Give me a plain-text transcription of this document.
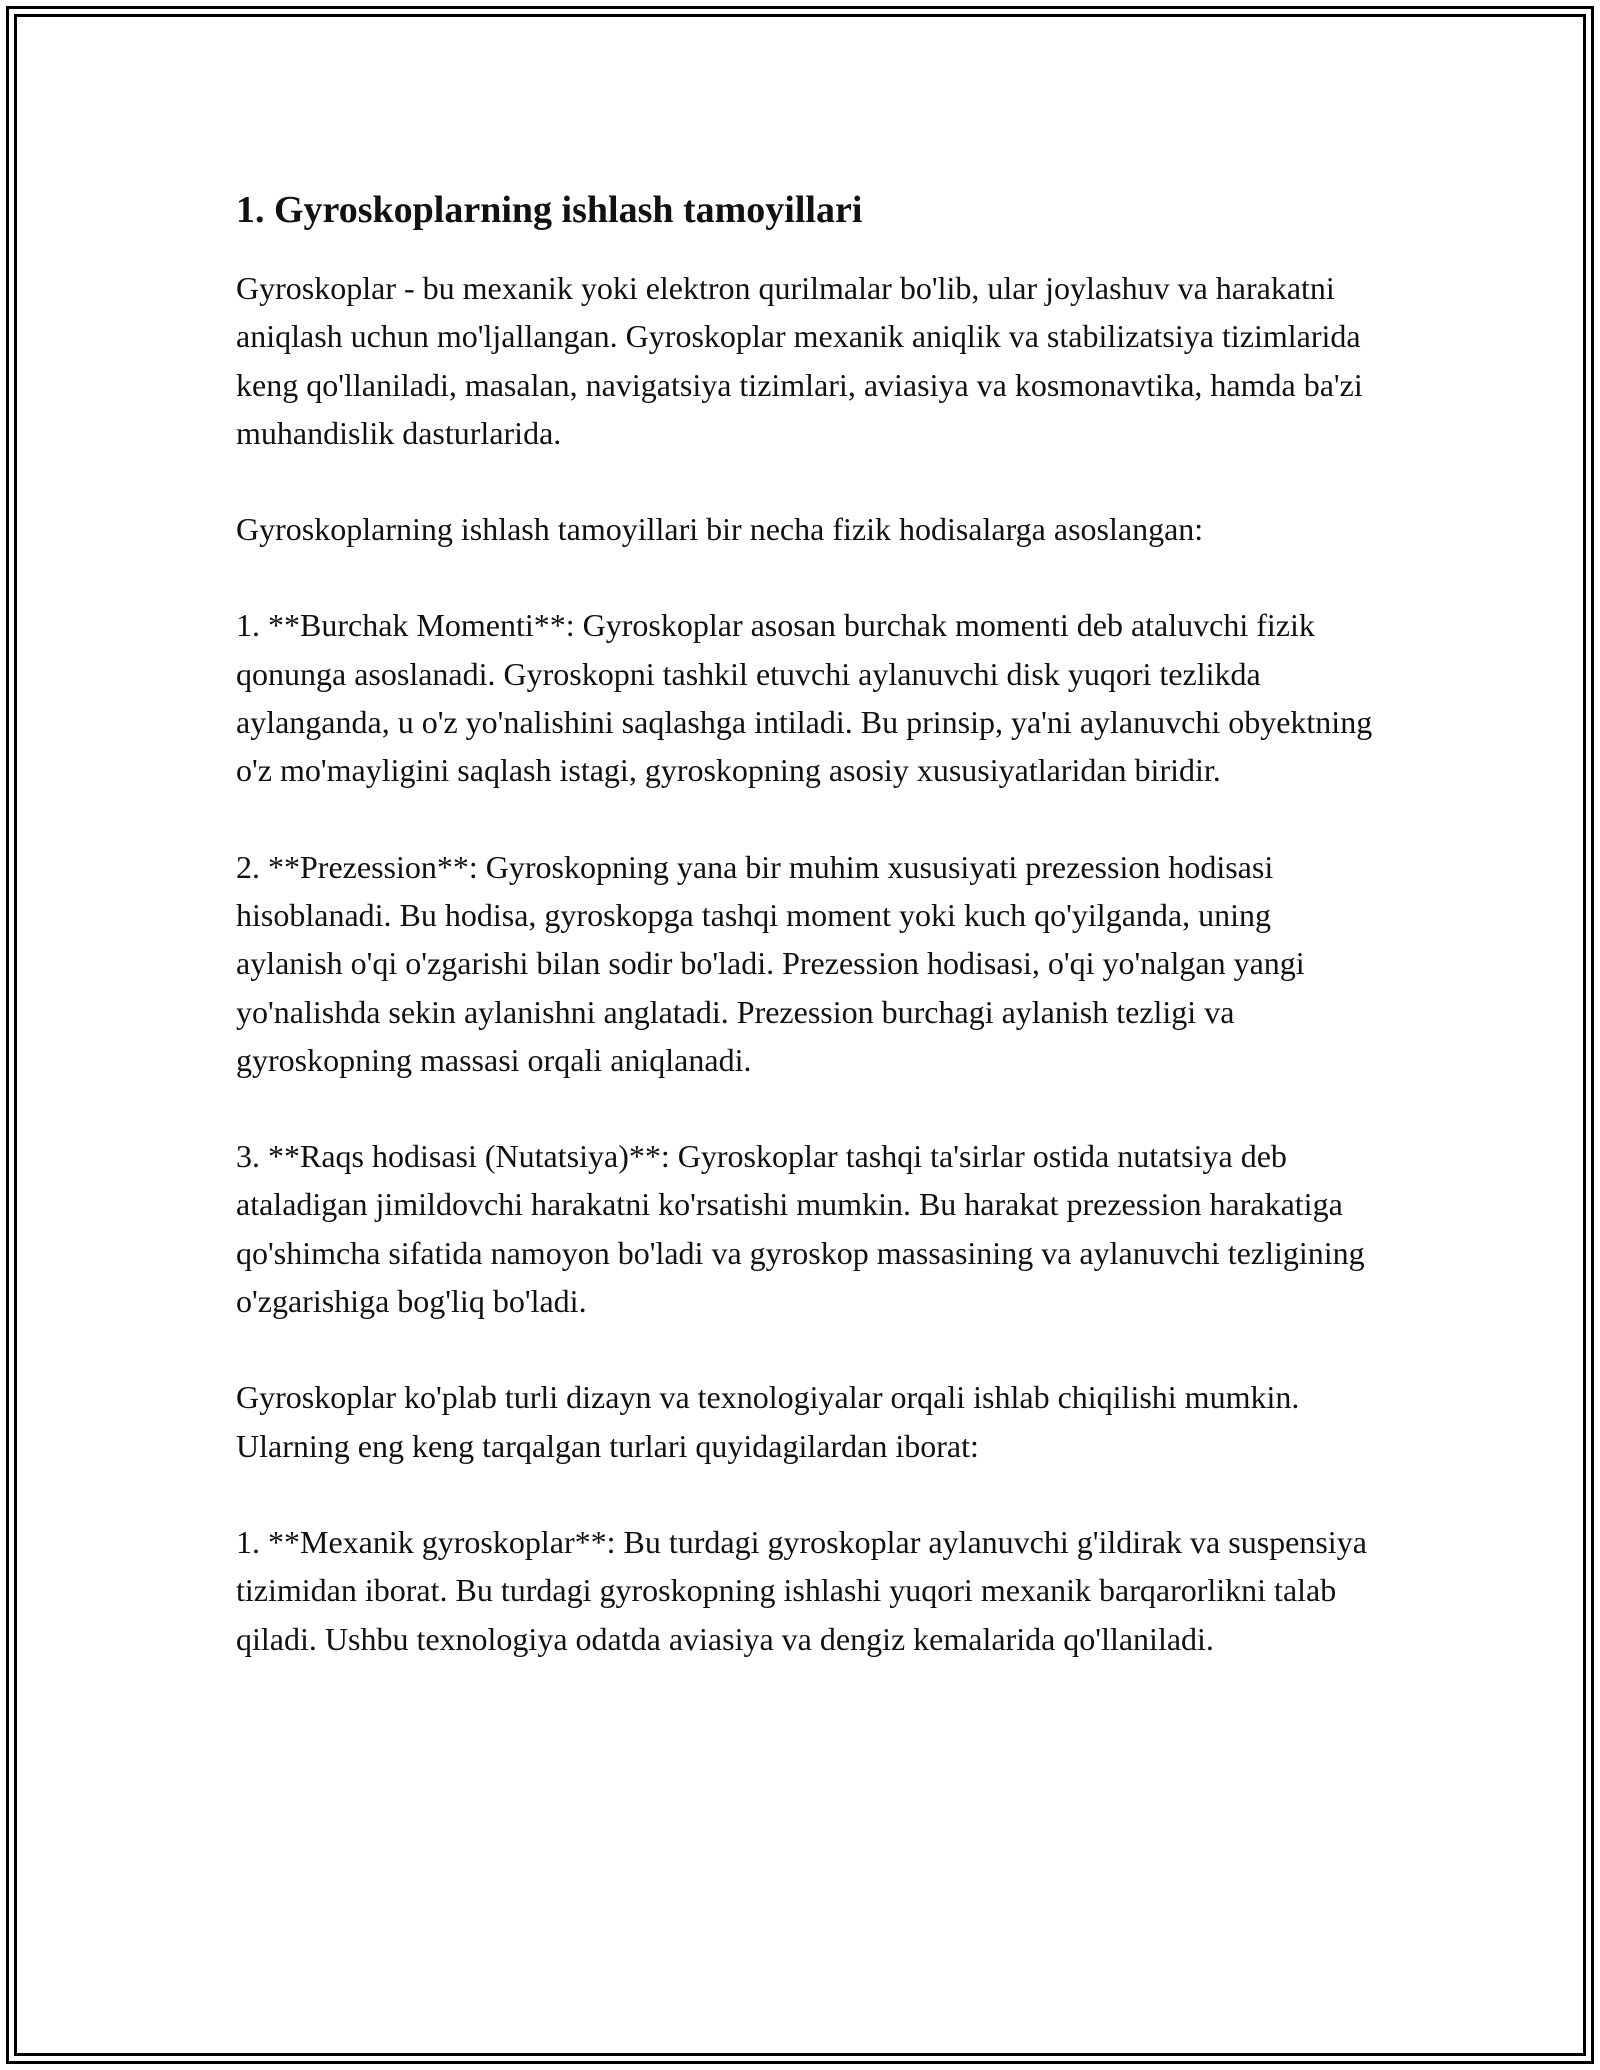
1. Gyroskoplarning ishlash tamoyillari

Gyroskoplar - bu mexanik yoki elektron qurilmalar bo'lib, ular joylashuv va harakatni aniqlash uchun mo'ljallangan. Gyroskoplar mexanik aniqlik va stabilizatsiya tizimlarida keng qo'llaniladi, masalan, navigatsiya tizimlari, aviasiya va kosmonavtika, hamda ba'zi muhandislik dasturlarida.

Gyroskoplarning ishlash tamoyillari bir necha fizik hodisalarga asoslangan:

1. **Burchak Momenti**: Gyroskoplar asosan burchak momenti deb ataluvchi fizik qonunga asoslanadi. Gyroskopni tashkil etuvchi aylanuvchi disk yuqori tezlikda aylanganda, u o'z yo'nalishini saqlashga intiladi. Bu prinsip, ya'ni aylanuvchi obyektning o'z mo'mayligini saqlash istagi, gyroskopning asosiy xususiyatlaridan biridir.

2. **Prezession**: Gyroskopning yana bir muhim xususiyati prezession hodisasi hisoblanadi. Bu hodisa, gyroskopga tashqi moment yoki kuch qo'yilganda, uning aylanish o'qi o'zgarishi bilan sodir bo'ladi. Prezession hodisasi, o'qi yo'nalgan yangi yo'nalishda sekin aylanishni anglatadi. Prezession burchagi aylanish tezligi va gyroskopning massasi orqali aniqlanadi.

3. **Raqs hodisasi (Nutatsiya)**: Gyroskoplar tashqi ta'sirlar ostida nutatsiya deb ataladigan jimildovchi harakatni ko'rsatishi mumkin. Bu harakat prezession harakatiga qo'shimcha sifatida namoyon bo'ladi va gyroskop massasining va aylanuvchi tezligining o'zgarishiga bog'liq bo'ladi.

Gyroskoplar ko'plab turli dizayn va texnologiyalar orqali ishlab chiqilishi mumkin. Ularning eng keng tarqalgan turlari quyidagilardan iborat:

1. **Mexanik gyroskoplar**: Bu turdagi gyroskoplar aylanuvchi g'ildirak va suspensiya tizimidan iborat. Bu turdagi gyroskopning ishlashi yuqori mexanik barqarorlikni talab qiladi. Ushbu texnologiya odatda aviasiya va dengiz kemalarida qo'llaniladi.
